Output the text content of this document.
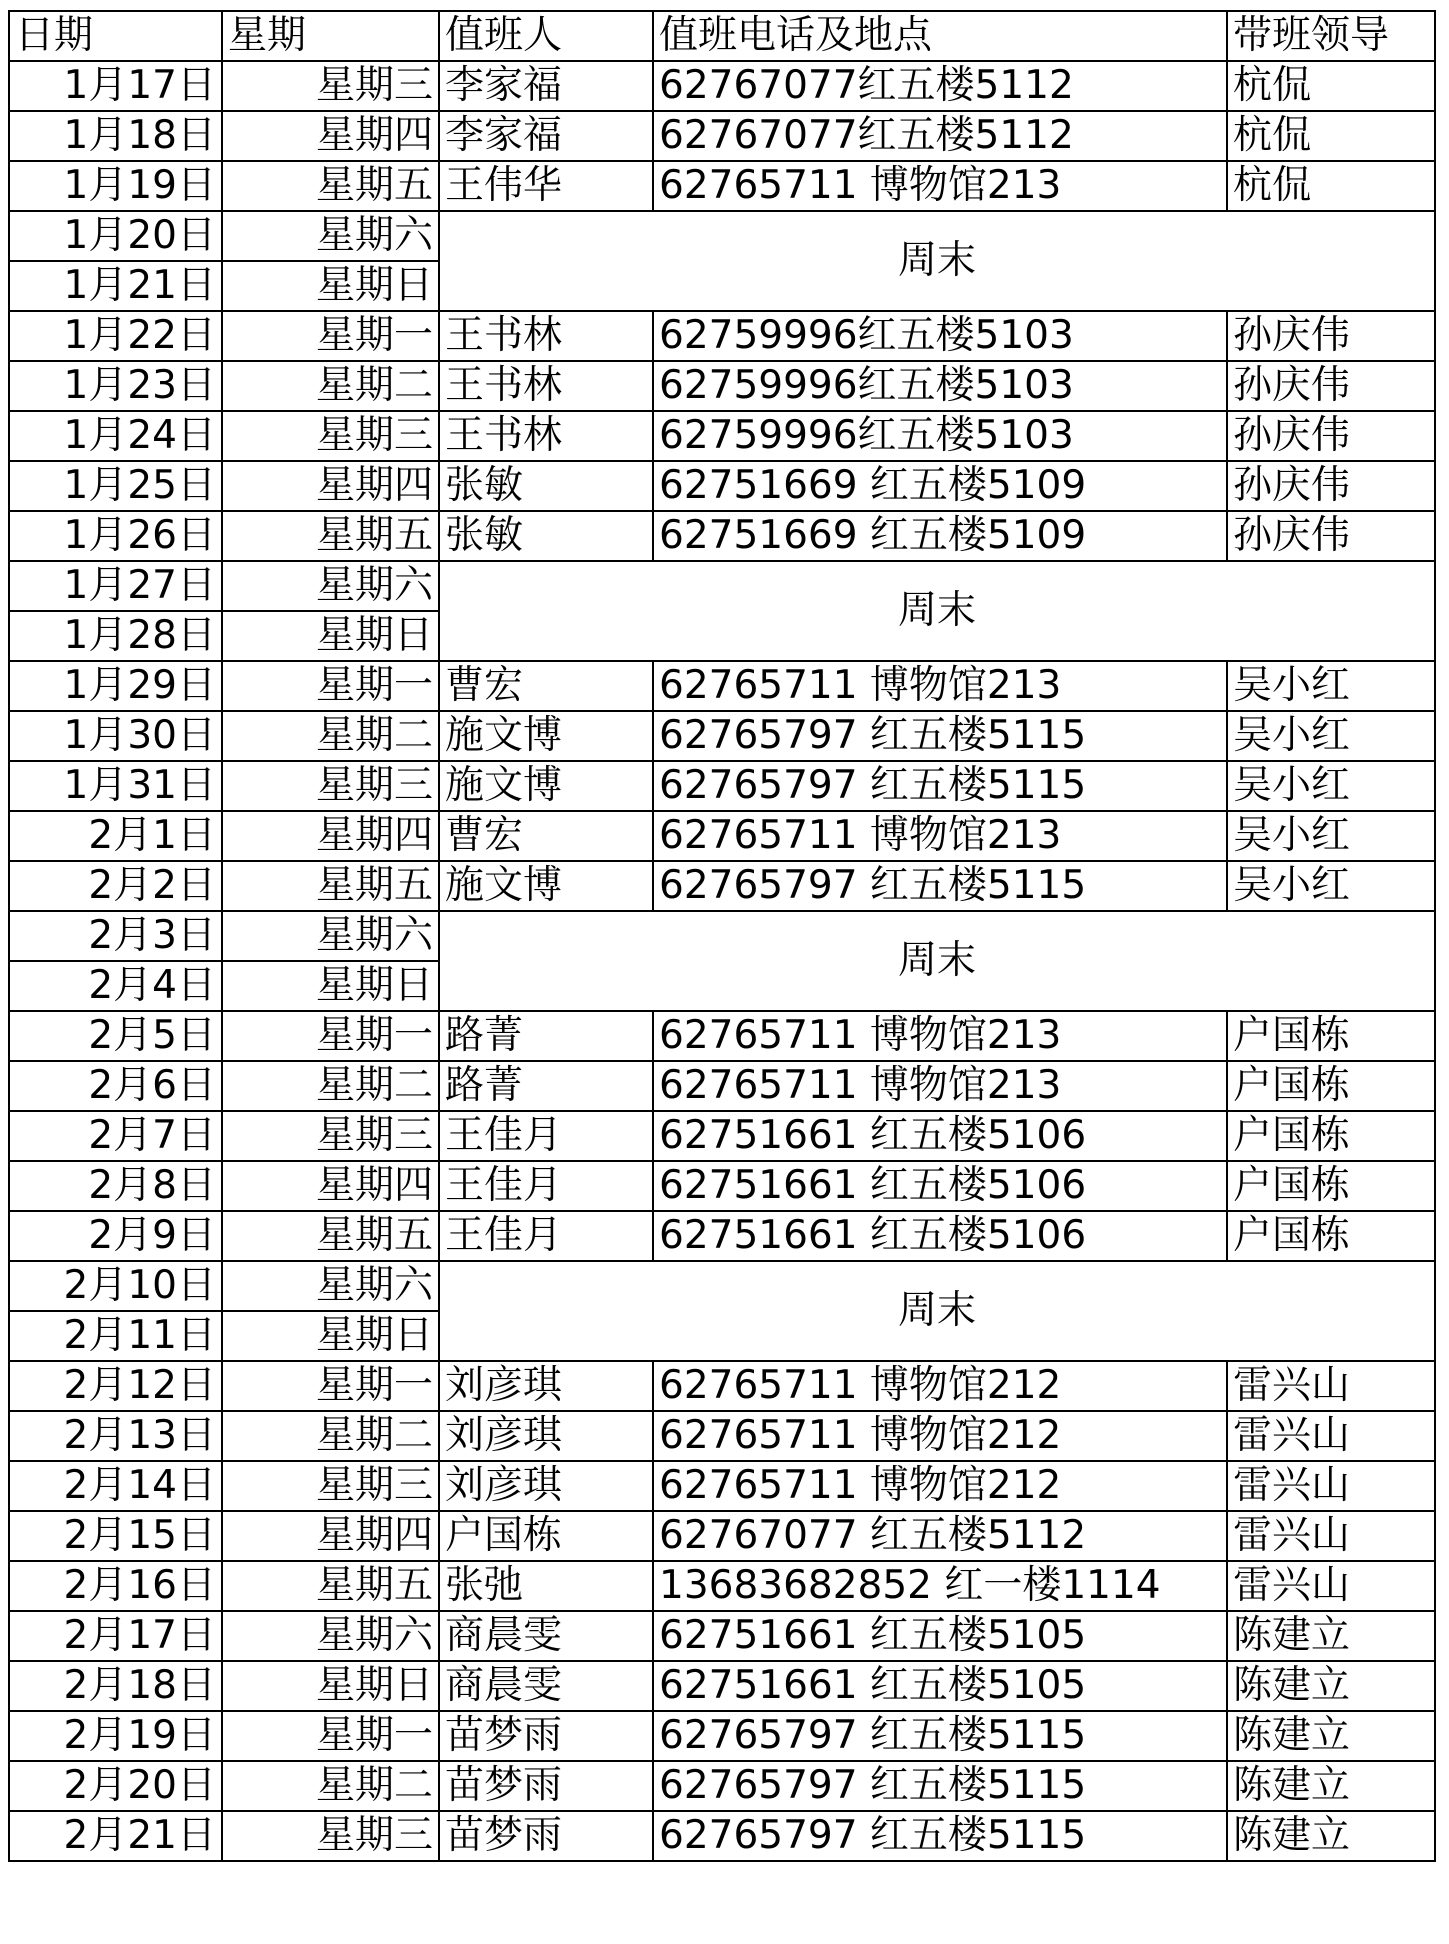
日期	星期	值班人	值班电话及地点	带班领导
1月17日	星期三	李家福	62767077红五楼5112	杭侃
1月18日	星期四	李家福	62767077红五楼5112	杭侃
1月19日	星期五	王伟华	62765711 博物馆213	杭侃
1月20日	星期六	周末		
1月21日	星期日			
1月22日	星期一	王书林	62759996红五楼5103	孙庆伟
1月23日	星期二	王书林	62759996红五楼5103	孙庆伟
1月24日	星期三	王书林	62759996红五楼5103	孙庆伟
1月25日	星期四	张敏	62751669 红五楼5109	孙庆伟
1月26日	星期五	张敏	62751669 红五楼5109	孙庆伟
1月27日	星期六	周末		
1月28日	星期日			
1月29日	星期一	曹宏	62765711 博物馆213	吴小红
1月30日	星期二	施文博	62765797 红五楼5115	吴小红
1月31日	星期三	施文博	62765797 红五楼5115	吴小红
2月1日	星期四	曹宏	62765711 博物馆213	吴小红
2月2日	星期五	施文博	62765797 红五楼5115	吴小红
2月3日	星期六	周末		
2月4日	星期日			
2月5日	星期一	路菁	62765711 博物馆213	户国栋
2月6日	星期二	路菁	62765711 博物馆213	户国栋
2月7日	星期三	王佳月	62751661 红五楼5106	户国栋
2月8日	星期四	王佳月	62751661 红五楼5106	户国栋
2月9日	星期五	王佳月	62751661 红五楼5106	户国栋
2月10日	星期六	周末		
2月11日	星期日			
2月12日	星期一	刘彦琪	62765711 博物馆212	雷兴山
2月13日	星期二	刘彦琪	62765711 博物馆212	雷兴山
2月14日	星期三	刘彦琪	62765711 博物馆212	雷兴山
2月15日	星期四	户国栋	62767077 红五楼5112	雷兴山
2月16日	星期五	张弛	13683682852 红一楼1114	雷兴山
2月17日	星期六	商晨雯	62751661 红五楼5105	陈建立
2月18日	星期日	商晨雯	62751661 红五楼5105	陈建立
2月19日	星期一	苗梦雨	62765797 红五楼5115	陈建立
2月20日	星期二	苗梦雨	62765797 红五楼5115	陈建立
2月21日	星期三	苗梦雨	62765797 红五楼5115	陈建立
